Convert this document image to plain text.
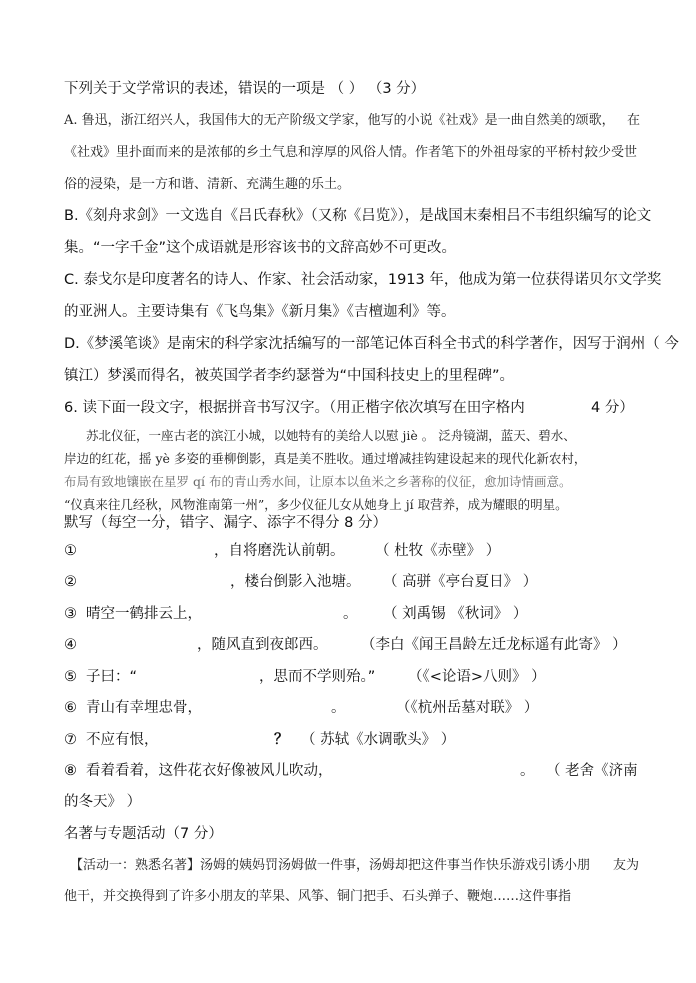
下列关于文学常识的表述，错误的一项是 （ ） （3 分）
A. 鲁迅，浙江绍兴人，我国伟大的无产阶级文学家，他写的小说《社戏》是一曲自然美的颂歌， 在
《社戏》里扑面而来的是浓郁的乡土气息和淳厚的风俗人情。作者笔下的外祖母家的平桥村，
较少受世
俗的浸染，是一方和谐、清新、充满生趣的乐土。
B.《刻舟求剑》一文选自《吕氏春秋》（又称《吕览》），是战国末秦相吕不韦组织编写的论文
集。“一字千金”这个成语就是形容该书的文辞高妙不可更改。
C. 泰戈尔是印度著名的诗人、作家、社会活动家，1913 年，他成为第一位获得诺贝尔文学奖
的亚洲人。主要诗集有《飞鸟集》《新月集》《吉檀迦利》等。
D.《梦溪笔谈》是南宋的科学家沈括编写的一部笔记体百科全书式的科学著作，因写于润州（ 今
镇江）梦溪而得名，被英国学者李约瑟誉为“中国科技史上的里程碑”。
6. 读下面一段文字，根据拼音书写汉字。（用正楷字依次填写在田字格内	4 分）
苏北仪征，一座古老的滨江小城，以她特有的美给人以慰 jiè 。 泛舟镜湖，蓝天、碧水、
岸边的红花，摇 yè 多姿的垂柳倒影，真是美不胜收。通过增减挂钩建设起来的现代化新农村，
布局有致地镶嵌在星罗 qí 布的青山秀水间，让原本以鱼米之乡著称的仪征，愈加诗情画意。
“仪真来往几经秋，风物淮南第一州”，多少仪征儿女从她身上 jí 取营养，成为耀眼的明星。
默写（每空一分，错字、漏字、添字不得分 8 分）
①	，自将磨洗认前朝。 （ 杜牧《赤壁》 ）
②	，楼台倒影入池塘。 （ 高骈《亭台夏日》 ）
③ 晴空一鹤排云上，	。 （ 刘禹锡 《秋词》 ）
④	，随风直到夜郎西。 （李白《闻王昌龄左迁龙标遥有此寄》 ）
⑤ 子曰：“	，思而不学则殆。” （《<论语>八则》 ）
⑥ 青山有幸埋忠骨，	。	（《杭州岳墓对联》 ）
⑦ 不应有恨，	？ （ 苏轼《水调歌头》 ）
⑧ 看着看着，这件花衣好像被风儿吹动，	。 （ 老舍《济南
的冬天》 ）
名著与专题活动（7 分）
【活动一：熟悉名著】汤姆的姨妈罚汤姆做一件事，汤姆却把这件事当作快乐游戏引诱小朋 友为
他干，并交换得到了许多小朋友的苹果、风筝、铜门把手、石头弹子、鞭炮……这件事指
